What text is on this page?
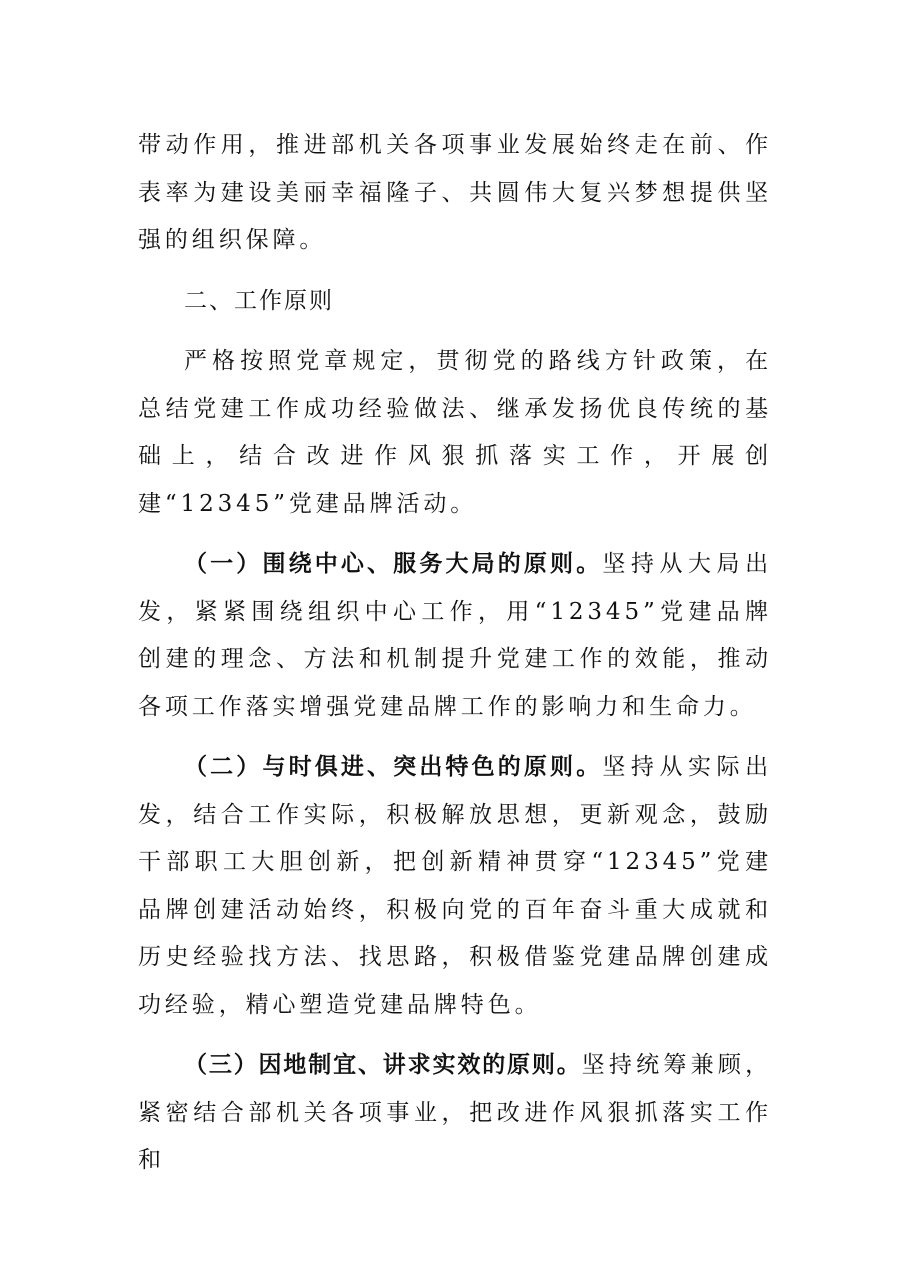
带动作用，推进部机关各项事业发展始终走在前、作表率为建设美丽幸福隆子、共圆伟大复兴梦想提供坚强的组织保障。

二、工作原则

严格按照党章规定，贯彻党的路线方针政策，在总结党建工作成功经验做法、继承发扬优良传统的基础上，结合改进作风狠抓落实工作，开展创建“12345”党建品牌活动。

（一）围绕中心、服务大局的原则。坚持从大局出发，紧紧围绕组织中心工作，用“12345”党建品牌创建的理念、方法和机制提升党建工作的效能，推动各项工作落实增强党建品牌工作的影响力和生命力。

（二）与时俱进、突出特色的原则。坚持从实际出发，结合工作实际，积极解放思想，更新观念，鼓励干部职工大胆创新，把创新精神贯穿“12345”党建品牌创建活动始终，积极向党的百年奋斗重大成就和历史经验找方法、找思路，积极借鉴党建品牌创建成功经验，精心塑造党建品牌特色。

（三）因地制宜、讲求实效的原则。坚持统筹兼顾，紧密结合部机关各项事业，把改进作风狠抓落实工作和
